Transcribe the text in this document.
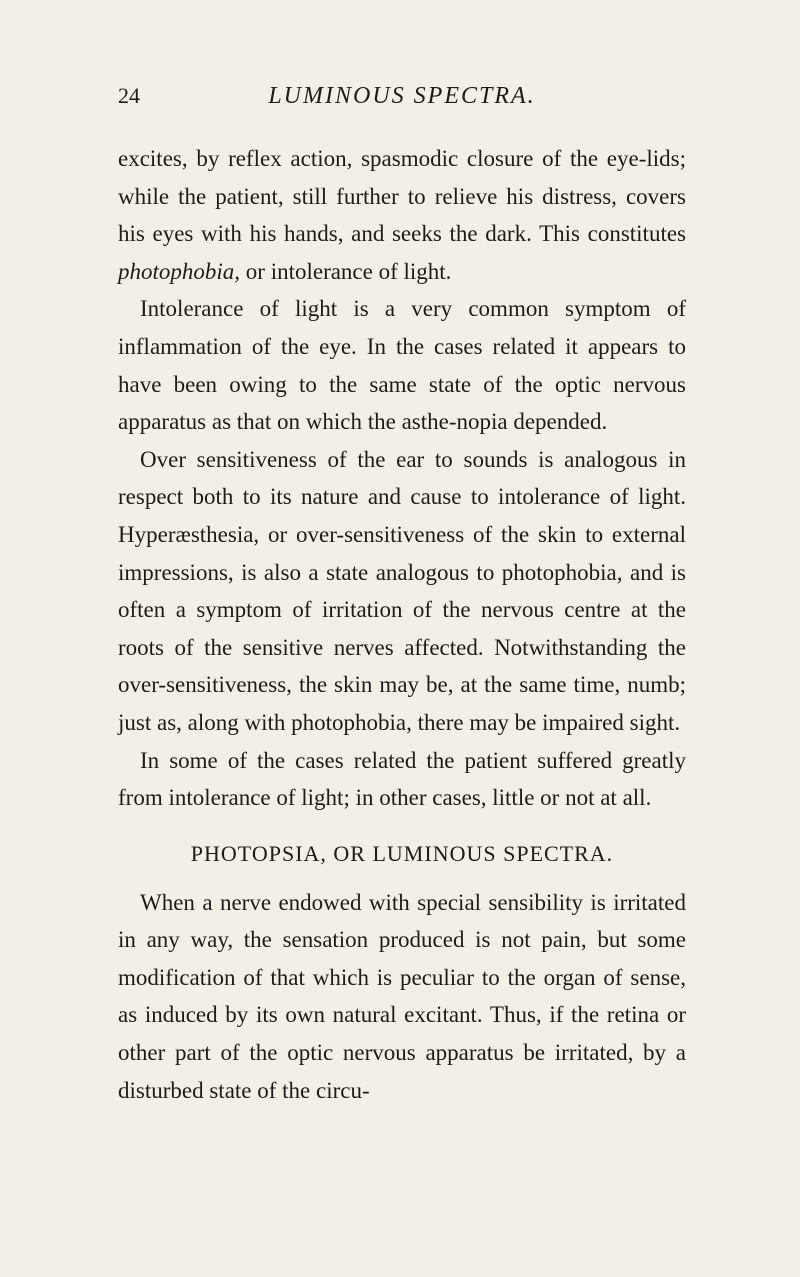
24	LUMINOUS SPECTRA.

excites, by reflex action, spasmodic closure of the eye-lids; while the patient, still further to relieve his distress, covers his eyes with his hands, and seeks the dark. This constitutes photophobia, or intolerance of light.

Intolerance of light is a very common symptom of inflammation of the eye. In the cases related it appears to have been owing to the same state of the optic nervous apparatus as that on which the asthe-nopia depended.

Over sensitiveness of the ear to sounds is analogous in respect both to its nature and cause to intolerance of light. Hyperæsthesia, or over-sensitiveness of the skin to external impressions, is also a state analogous to photophobia, and is often a symptom of irritation of the nervous centre at the roots of the sensitive nerves affected. Notwithstanding the over-sensitiveness, the skin may be, at the same time, numb; just as, along with photophobia, there may be impaired sight.

In some of the cases related the patient suffered greatly from intolerance of light; in other cases, little or not at all.

PHOTOPSIA, OR LUMINOUS SPECTRA.

When a nerve endowed with special sensibility is irritated in any way, the sensation produced is not pain, but some modification of that which is peculiar to the organ of sense, as induced by its own natural excitant. Thus, if the retina or other part of the optic nervous apparatus be irritated, by a disturbed state of the circu-
